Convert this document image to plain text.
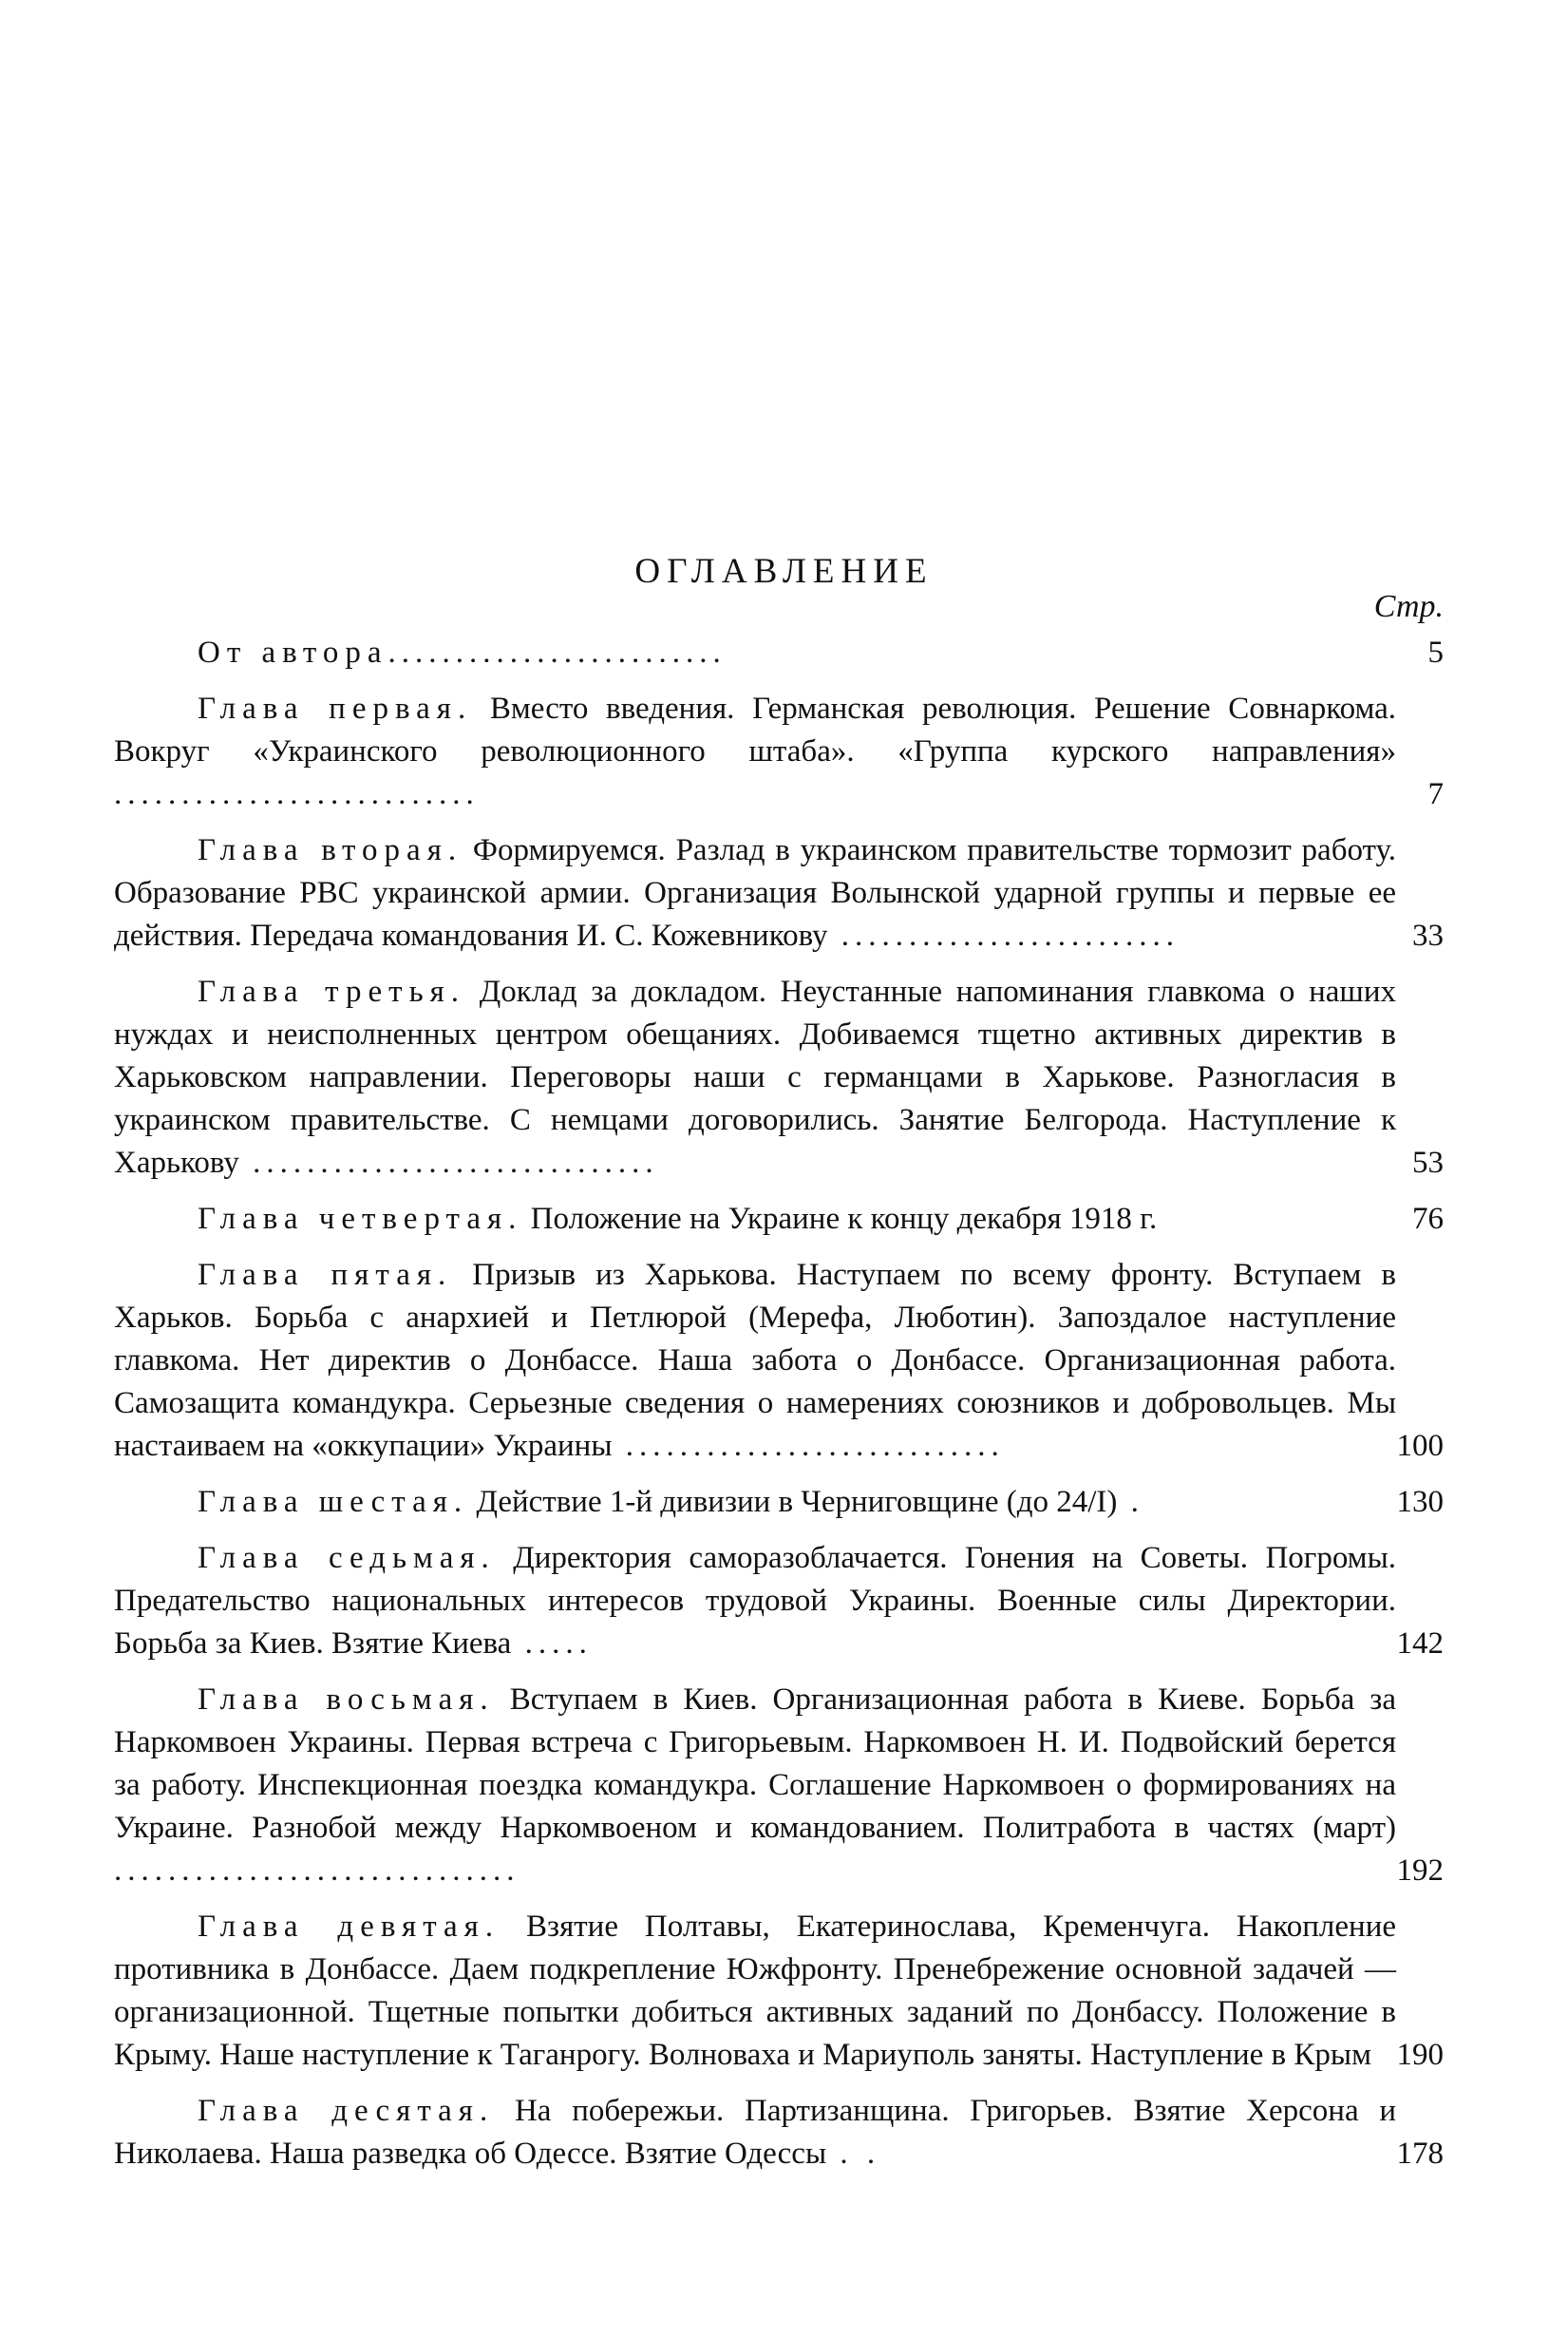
ОГЛАВЛЕНИЕ
Стр.
От автора.........................	5
Глава первая. Вместо введения. Германская революция. Решение Совнаркома. Вокруг «Украинского революционного штаба». «Группа курского направления» ...........................	7
Глава вторая. Формируемся. Разлад в украинском правительстве тормозит работу. Образование РВС украинской армии. Организация Волынской ударной группы и первые ее действия. Передача командования И. С. Кожевникову .........................	33
Глава третья. Доклад за докладом. Неустанные напоминания главкома о наших нуждах и неисполненных центром обещаниях. Добиваемся тщетно активных директив в Харьковском направлении. Переговоры наши с германцами в Харькове. Разногласия в украинском правительстве. С немцами договорились. Занятие Белгорода. Наступление к Харькову ..............................	53
Глава четвертая. Положение на Украине к концу декабря 1918 г.	76
Глава пятая. Призыв из Харькова. Наступаем по всему фронту. Вступаем в Харьков. Борьба с анархией и Петлюрой (Мерефа, Люботин). Запоздалое наступление главкома. Нет директив о Донбассе. Наша забота о Донбассе. Организационная работа. Самозащита командукра. Серьезные сведения о намерениях союзников и добровольцев. Мы настаиваем на «оккупации» Украины ............................	100
Глава шестая. Действие 1-й дивизии в Черниговщине (до 24/I) .	130
Глава седьмая. Директория саморазоблачается. Гонения на Советы. Погромы. Предательство национальных интересов трудовой Украины. Военные силы Директории. Борьба за Киев. Взятие Киева .....	142
Глава восьмая. Вступаем в Киев. Организационная работа в Киеве. Борьба за Наркомвоен Украины. Первая встреча с Григорьевым. Наркомвоен Н. И. Подвойский берется за работу. Инспекционная поездка командукра. Соглашение Наркомвоен о формированиях на Украине. Разнобой между Наркомвоеном и командованием. Политработа в частях (март) ..............................	192
Глава девятая. Взятие Полтавы, Екатеринослава, Кременчуга. Накопление противника в Донбассе. Даем подкрепление Южфронту. Пренебрежение основной задачей — организационной. Тщетные попытки добиться активных заданий по Донбассу. Положение в Крыму. Наше наступление к Таганрогу. Волноваха и Мариуполь заняты. Наступление в Крым 190
Глава десятая. На побережьи. Партизанщина. Григорьев. Взятие Херсона и Николаева. Наша разведка об Одессе. Взятие Одессы . .	178
